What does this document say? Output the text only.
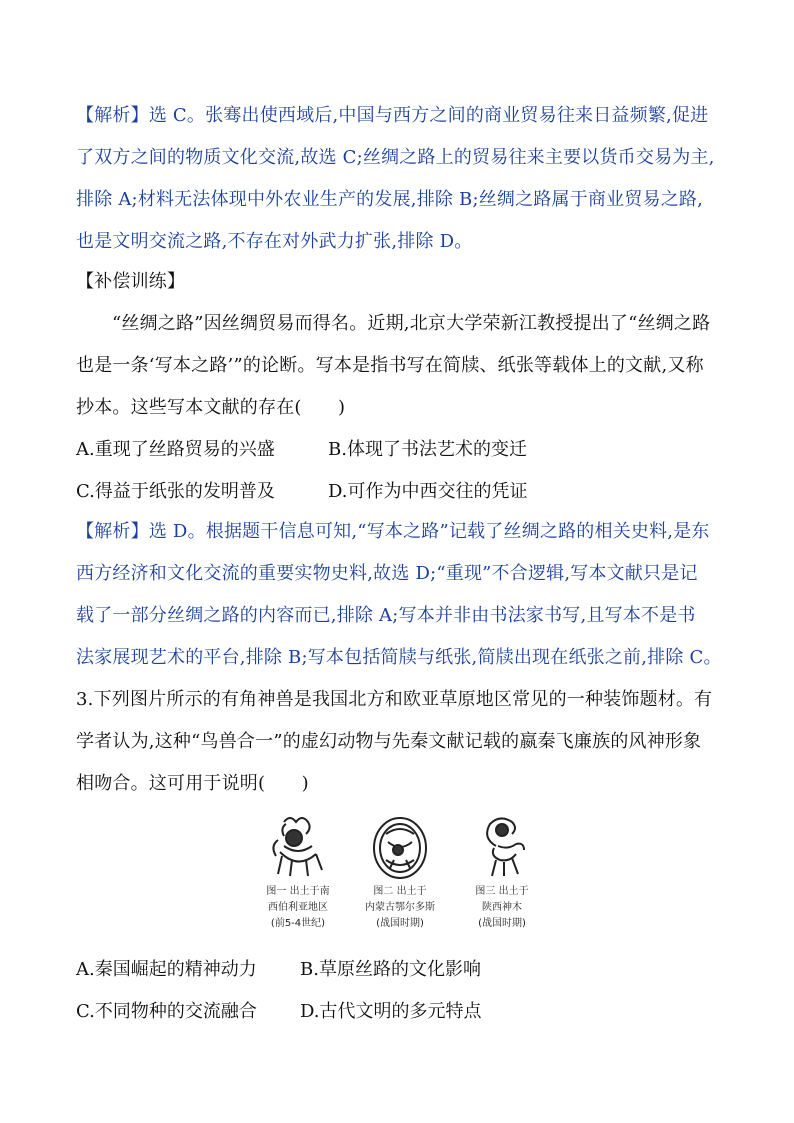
【解析】选 C。张骞出使西域后,中国与西方之间的商业贸易往来日益频繁,促进
了双方之间的物质文化交流,故选 C;丝绸之路上的贸易往来主要以货币交易为主,
排除 A;材料无法体现中外农业生产的发展,排除 B;丝绸之路属于商业贸易之路,
也是文明交流之路,不存在对外武力扩张,排除 D。
【补偿训练】
“丝绸之路”因丝绸贸易而得名。近期,北京大学荣新江教授提出了“丝绸之路
也是一条‘写本之路’”的论断。写本是指书写在简牍、纸张等载体上的文献,又称
抄本。这些写本文献的存在(　　)
A.重现了丝路贸易的兴盛	B.体现了书法艺术的变迁
C.得益于纸张的发明普及	D.可作为中西交往的凭证
【解析】选 D。根据题干信息可知,“写本之路”记载了丝绸之路的相关史料,是东
西方经济和文化交流的重要实物史料,故选 D;“重现”不合逻辑,写本文献只是记
载了一部分丝绸之路的内容而已,排除 A;写本并非由书法家书写,且写本不是书
法家展现艺术的平台,排除 B;写本包括简牍与纸张,简牍出现在纸张之前,排除 C。
3.下列图片所示的有角神兽是我国北方和欧亚草原地区常见的一种装饰题材。有
学者认为,这种“鸟兽合一”的虚幻动物与先秦文献记载的嬴秦飞廉族的风神形象
相吻合。这可用于说明(　　)
图一 出土于南
西伯利亚地区
(前5-4世纪)
图二 出土于
内蒙古鄂尔多斯
(战国时期)
图三 出土于
陕西神木
(战国时期)
A.秦国崛起的精神动力 B.草原丝路的文化影响
C.不同物种的交流融合 D.古代文明的多元特点
